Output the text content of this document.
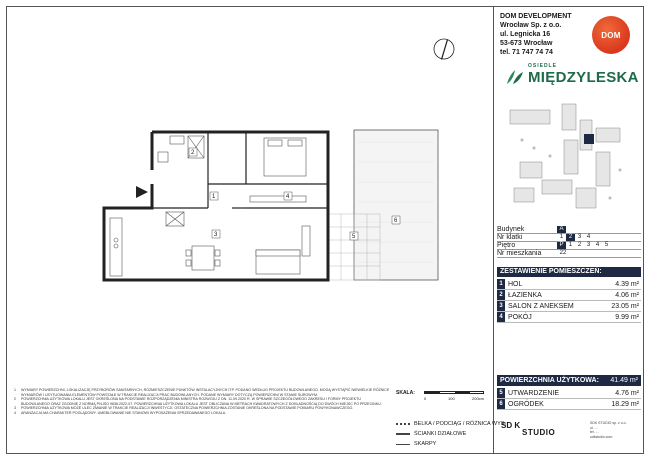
DOM DEVELOPMENT
Wrocław Sp. z o.o.
ul. Legnicka 16
53-673 Wrocław
tel. 71 747 74 74
DOM
OSIEDLE
MIĘDZYLESKA
2
1	4
3	5
6
Budynek	A
Nr klatki	1 2 3 4
Piętro	P 1 2 3 4 5
Nr mieszkania	22
ZESTAWIENIE POMIESZCZEŃ:
1 HOL	4.39 m²
2 ŁAZIENKA	4.06 m²
3 SALON Z ANEKSEM	23.05 m²
4 POKÓJ	9.99 m²
POWIERZCHNIA UŻYTKOWA: 41.49 m²
5 UTWARDZENIE	4.76 m²
6 OGRÓDEK	18.29 m²
1	WYMIARY POWIERZCHNI, LOKALIZACJĘ PRZYBORÓW SANITARNYCH, ROZMIESZCZENIE PUNKTÓW INSTALACYJNYCH ITP. PODANO WEDŁUG PROJEKTU BUDOWLANEGO. MOGĄ WYSTĄPIĆ NIEWIELKIE RÓŻNICE WYMIARÓW I USYTUOWANIA ELEMENTÓW POWSTAŁE W TRAKCIE REALIZACJI PRAC BUDOWLANYCH. PODANE WYMIARY DOTYCZĄ POWIERZCHNI W STANIE SUROWYM.
2	POWIERZCHNIA UŻYTKOWA LOKALU JEST OKREŚLONA NA PODSTAWIE ROZPORZĄDZENIA MINISTRA ROZWOJU Z DN. 11.09.2020 R. W SPRAWIE SZCZEGÓŁOWEGO ZAKRESU I FORMY PROJEKTU BUDOWLANEGO ORAZ ZGODNIE Z NORMĄ PN-ISO 9836:2022-07. POWIERZCHNIA UŻYTKOWA LOKALU JEST OBLICZANA W METRACH KWADRATOWYCH Z DOKŁADNOŚCIĄ DO DWÓCH MIEJSC PO PRZECINKU.
3	POWIERZCHNIA UŻYTKOWA MOŻE ULEC ZMIANIE W TRAKCIE REALIZACJI INWESTYCJI. OSTATECZNA POWIERZCHNIA ZOSTANIE OKREŚLONA NA PODSTAWIE POMIARU POWYKONAWCZEGO.
4	ARANŻACJA MA CHARAKTER POGLĄDOWY. UMEBLOWANIE NIE STANOWI WYPOSAŻENIA SPRZEDAWANEGO LOKALU.
SKALA:
0	100	200cm
BELKA / PODCIĄG / RÓŻNICA WYS.
ŚCIANKI DZIAŁOWE
SKARPY
SD K
STUDIO
SDK STUDIO sp. z o.o.
ul. ...
tel. ...
sdkstudio.com
